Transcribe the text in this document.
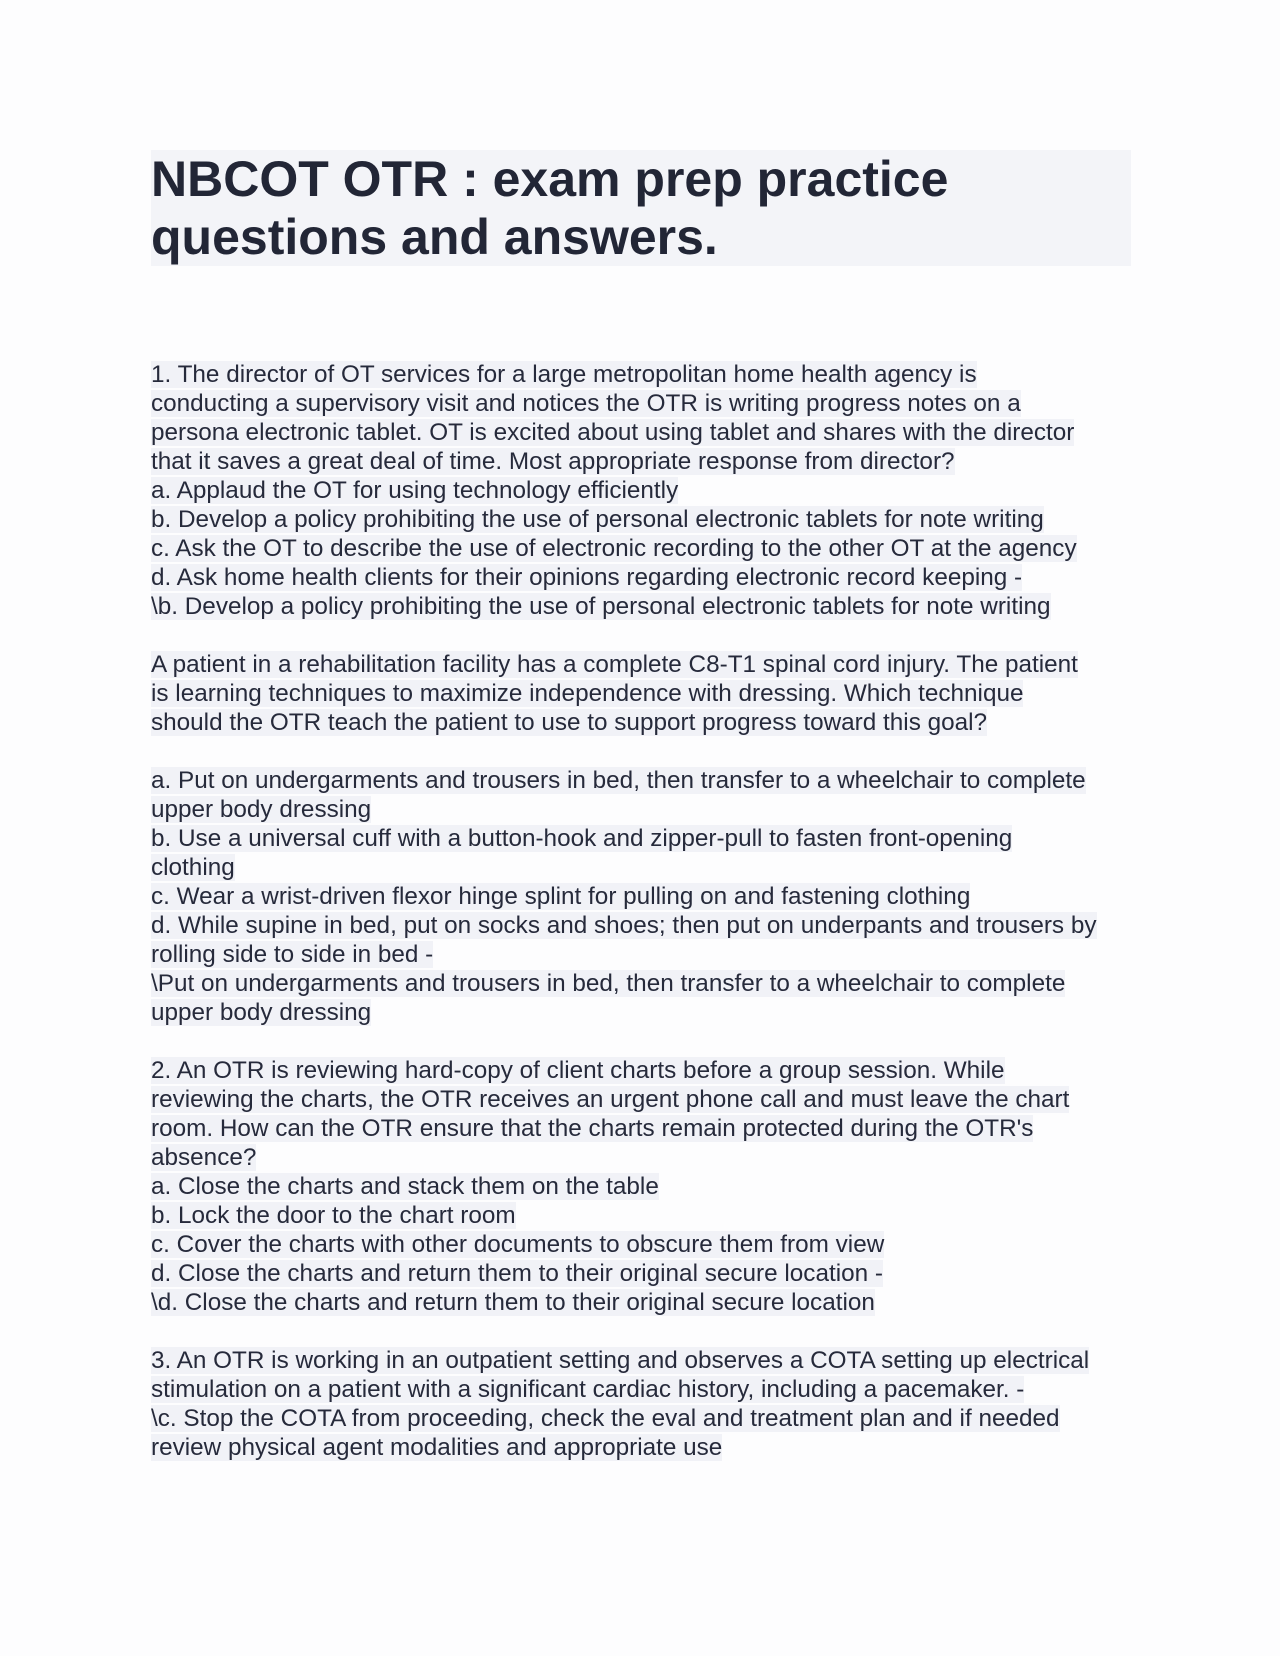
NBCOT OTR : exam prep practice
questions and answers.
1. The director of OT services for a large metropolitan home health agency is
conducting a supervisory visit and notices the OTR is writing progress notes on a
persona electronic tablet. OT is excited about using tablet and shares with the director
that it saves a great deal of time. Most appropriate response from director?
a. Applaud the OT for using technology efficiently
b. Develop a policy prohibiting the use of personal electronic tablets for note writing
c. Ask the OT to describe the use of electronic recording to the other OT at the agency
d. Ask home health clients for their opinions regarding electronic record keeping -
\b. Develop a policy prohibiting the use of personal electronic tablets for note writing
A patient in a rehabilitation facility has a complete C8-T1 spinal cord injury. The patient
is learning techniques to maximize independence with dressing. Which technique
should the OTR teach the patient to use to support progress toward this goal?
a. Put on undergarments and trousers in bed, then transfer to a wheelchair to complete
upper body dressing
b. Use a universal cuff with a button-hook and zipper-pull to fasten front-opening
clothing
c. Wear a wrist-driven flexor hinge splint for pulling on and fastening clothing
d. While supine in bed, put on socks and shoes; then put on underpants and trousers by
rolling side to side in bed -
\Put on undergarments and trousers in bed, then transfer to a wheelchair to complete
upper body dressing
2. An OTR is reviewing hard-copy of client charts before a group session. While
reviewing the charts, the OTR receives an urgent phone call and must leave the chart
room. How can the OTR ensure that the charts remain protected during the OTR's
absence?
a. Close the charts and stack them on the table
b. Lock the door to the chart room
c. Cover the charts with other documents to obscure them from view
d. Close the charts and return them to their original secure location -
\d. Close the charts and return them to their original secure location
3. An OTR is working in an outpatient setting and observes a COTA setting up electrical
stimulation on a patient with a significant cardiac history, including a pacemaker. -
\c. Stop the COTA from proceeding, check the eval and treatment plan and if needed
review physical agent modalities and appropriate use
